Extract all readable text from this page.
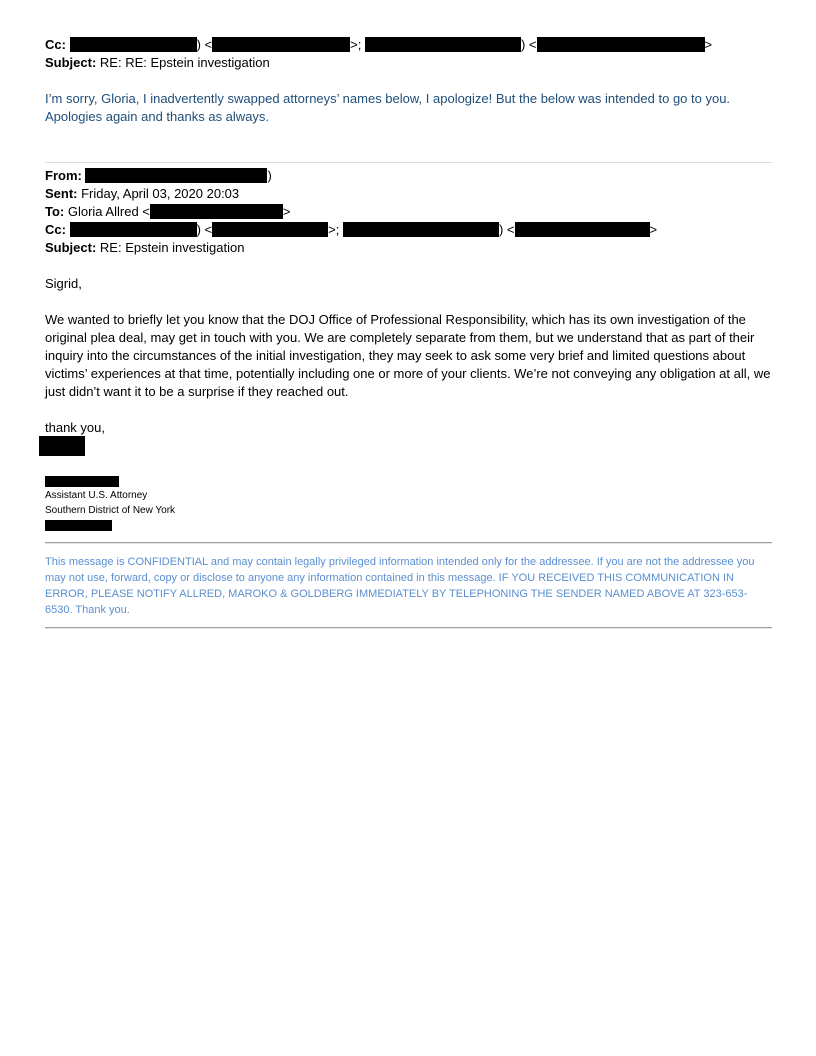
Cc:	) <	>;	) <	>
Subject: RE: RE: Epstein investigation
I’m sorry, Gloria, I inadvertently swapped attorneys’ names below, I apologize! But the below was intended to go to you. Apologies again and thanks as always.
From:	)
Sent: Friday, April 03, 2020 20:03
To: Gloria Allred <	>
Cc:	) <	>;	) <	>
Subject: RE: Epstein investigation
Sigrid,
We wanted to briefly let you know that the DOJ Office of Professional Responsibility, which has its own investigation of the original plea deal, may get in touch with you. We are completely separate from them, but we understand that as part of their inquiry into the circumstances of the initial investigation, they may seek to ask some very brief and limited questions about victims’ experiences at that time, potentially including one or more of your clients. We’re not conveying any obligation at all, we just didn’t want it to be a surprise if they reached out.
thank you,
Assistant U.S. Attorney
Southern District of New York
This message is CONFIDENTIAL and may contain legally privileged information intended only for the addressee. If you are not the addressee you may not use, forward, copy or disclose to anyone any information contained in this message. IF YOU RECEIVED THIS COMMUNICATION IN ERROR, PLEASE NOTIFY ALLRED, MAROKO & GOLDBERG IMMEDIATELY BY TELEPHONING THE SENDER NAMED ABOVE AT 323-653-6530. Thank you.
